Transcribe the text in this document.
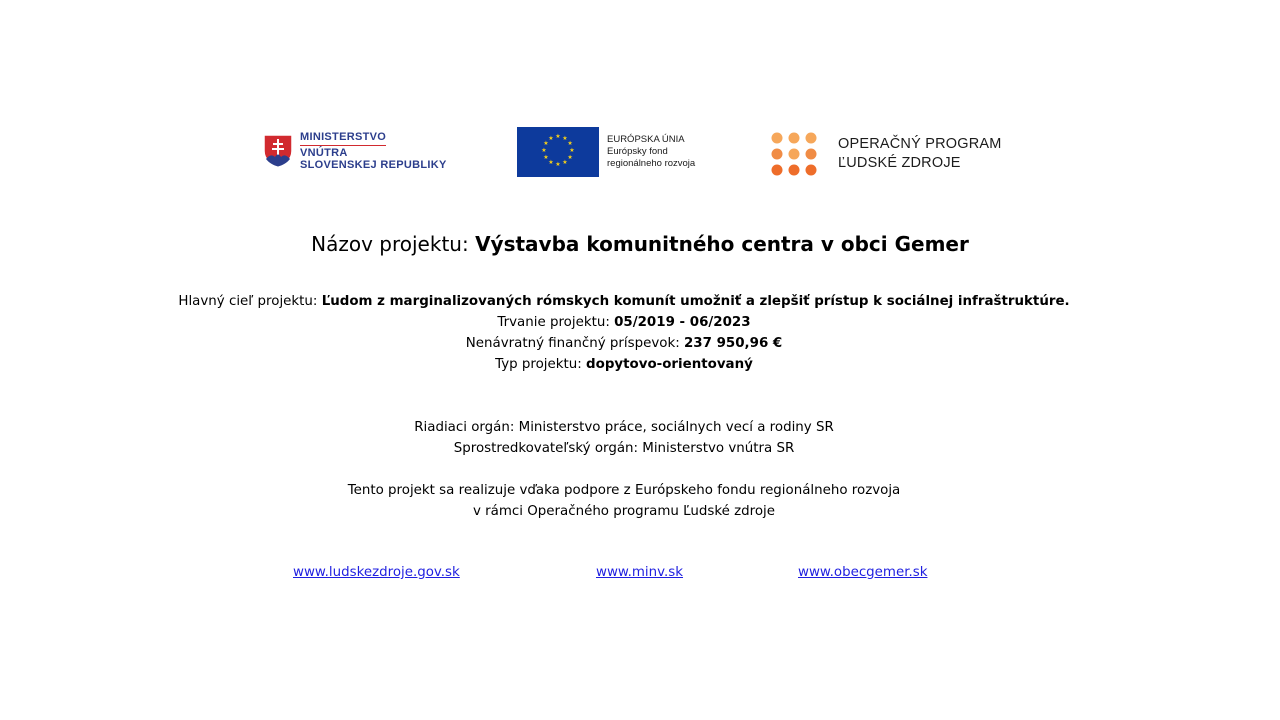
MINISTERSTVO
VNÚTRA
SLOVENSKEJ REPUBLIKY
★ ★
★
★
★
★
★
★
★
★
★
★	EURÓPSKA ÚNIA
Európsky fond
regionálneho rozvoja
OPERAČNÝ PROGRAM
ĽUDSKÉ ZDROJE
Názov projektu: Výstavba komunitného centra v obci Gemer
Hlavný cieľ projektu: Ľudom z marginalizovaných rómskych komunít umožniť a zlepšiť prístup k sociálnej infraštruktúre.
Trvanie projektu: 05/2019 - 06/2023
Nenávratný finančný príspevok: 237 950,96 €
Typ projektu: dopytovo-orientovaný
Riadiaci orgán: Ministerstvo práce, sociálnych vecí a rodiny SR
Sprostredkovateľský orgán: Ministerstvo vnútra SR
Tento projekt sa realizuje vďaka podpore z Európskeho fondu regionálneho rozvoja
v rámci Operačného programu Ľudské zdroje
www.ludskezdroje.gov.sk	www.minv.sk	www.obecgemer.sk
